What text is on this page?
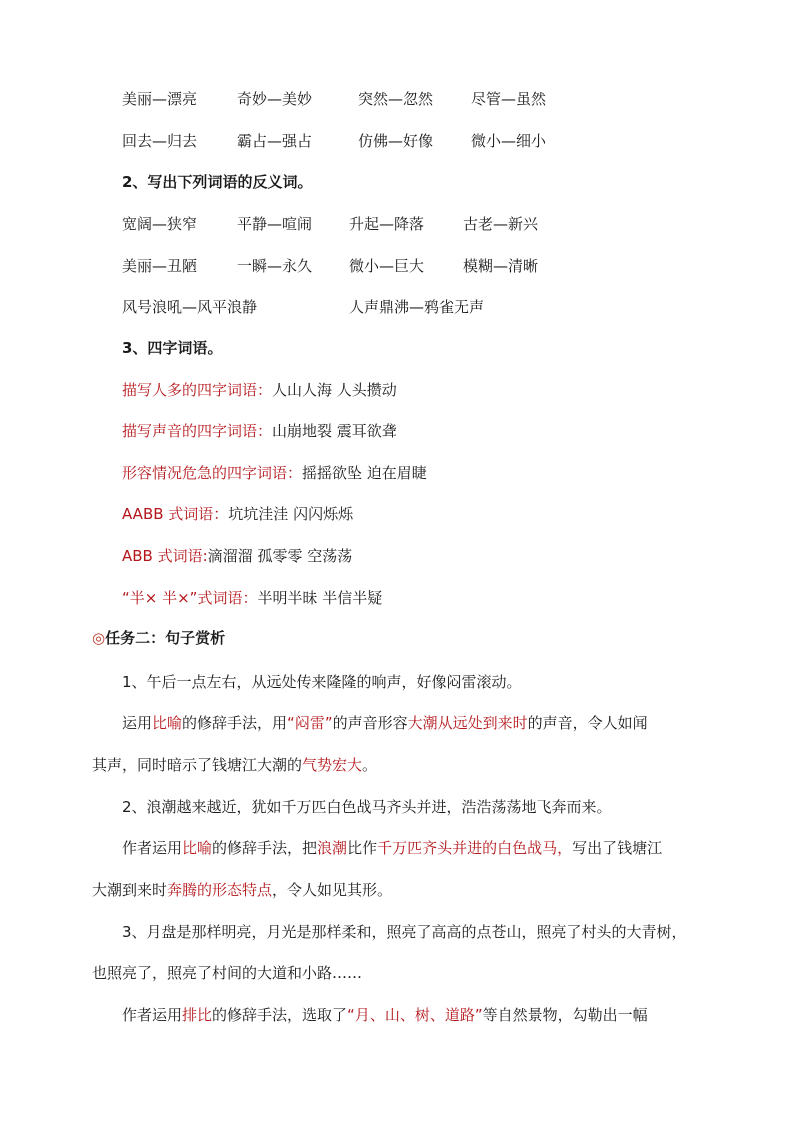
美丽—漂亮	奇妙—美妙	突然—忽然	尽管—虽然
回去—归去	霸占—强占	仿佛—好像	微小—细小
2、写出下列词语的反义词。
宽阔—狭窄	平静—喧闹 升起—降落	古老—新兴
美丽—丑陋	一瞬—永久 微小—巨大	模糊—清晰
风号浪吼—风平浪静	人声鼎沸—鸦雀无声
3、四字词语。
描写人多的四字词语：人山人海 人头攒动
描写声音的四字词语：山崩地裂 震耳欲聋
形容情况危急的四字词语：摇摇欲坠 迫在眉睫
AABB 式词语：坑坑洼洼 闪闪烁烁
ABB 式词语:滴溜溜 孤零零 空荡荡
“半× 半×”式词语：半明半昧 半信半疑
◎任务二：句子赏析
1、午后一点左右，从远处传来隆隆的响声，好像闷雷滚动。
运用比喻的修辞手法，用“闷雷”的声音形容大潮从远处到来时的声音，令人如闻
其声，同时暗示了钱塘江大潮的气势宏大。
2、浪潮越来越近，犹如千万匹白色战马齐头并进，浩浩荡荡地飞奔而来。
作者运用比喻的修辞手法，把浪潮比作千万匹齐头并进的白色战马，写出了钱塘江
大潮到来时奔腾的形态特点，令人如见其形。
3、月盘是那样明亮，月光是那样柔和，照亮了高高的点苍山，照亮了村头的大青树，
也照亮了，照亮了村间的大道和小路……
作者运用排比的修辞手法，选取了“月、山、树、道路”等自然景物，勾勒出一幅
